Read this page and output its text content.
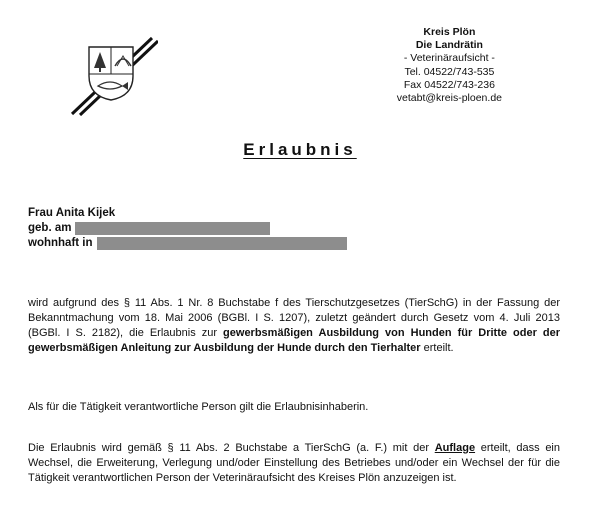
Kreis Plön
Die Landrätin
- Veterinäraufsicht -
Tel. 04522/743-535
Fax 04522/743-236
vetabt@kreis-ploen.de
Erlaubnis
Frau Anita Kijek
geb. am
wohnhaft in
wird aufgrund des § 11 Abs. 1 Nr. 8 Buchstabe f des Tierschutzgesetzes (TierSchG) in der Fassung der Bekanntmachung vom 18. Mai 2006 (BGBl. I S. 1207), zuletzt geändert durch Gesetz vom 4. Juli 2013 (BGBl. I S. 2182), die Erlaubnis zur gewerbsmäßigen Ausbildung von Hunden für Dritte oder der gewerbsmäßigen Anleitung zur Ausbildung der Hunde durch den Tierhalter erteilt.
Als für die Tätigkeit verantwortliche Person gilt die Erlaubnisinhaberin.
Die Erlaubnis wird gemäß § 11 Abs. 2 Buchstabe a TierSchG (a. F.) mit der Auflage erteilt, dass ein Wechsel, die Erweiterung, Verlegung und/oder Einstellung des Betriebes und/oder ein Wechsel der für die Tätigkeit verantwortlichen Person der Veterinäraufsicht des Kreises Plön anzuzeigen ist.
